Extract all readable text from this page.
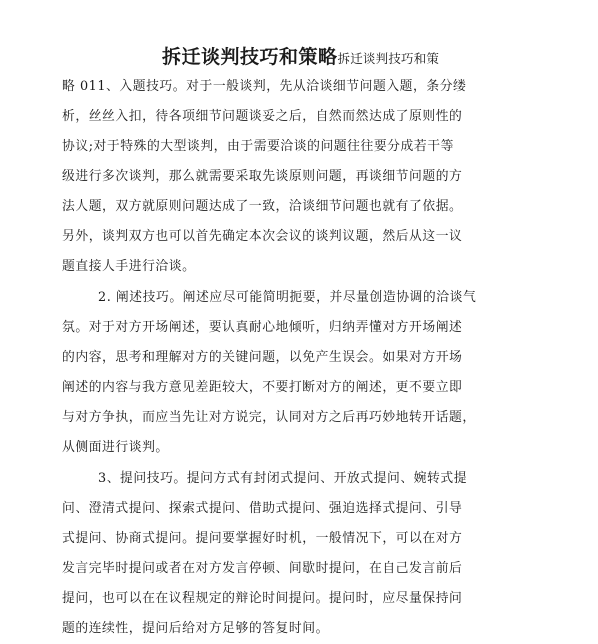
拆迁谈判技巧和策略拆迁谈判技巧和策
略 011、入题技巧。对于一般谈判，先从洽谈细节问题入题，条分缕
析，丝丝入扣，待各项细节问题谈妥之后，自然而然达成了原则性的
协议;对于特殊的大型谈判，由于需要洽谈的问题往往要分成若干等
级进行多次谈判，那么就需要采取先谈原则问题，再谈细节问题的方
法人题，双方就原则问题达成了一致，洽谈细节问题也就有了依据。
另外，谈判双方也可以首先确定本次会议的谈判议题，然后从这一议
题直接人手进行洽谈。
2. 阐述技巧。阐述应尽可能简明扼要，并尽量创造协调的洽谈气
氛。对于对方开场阐述，要认真耐心地倾听，归纳弄懂对方开场阐述
的内容，思考和理解对方的关键问题，以免产生误会。如果对方开场
阐述的内容与我方意见差距较大，不要打断对方的阐述，更不要立即
与对方争执，而应当先让对方说完，认同对方之后再巧妙地转开话题，
从侧面进行谈判。
3、提问技巧。提问方式有封闭式提问、开放式提问、婉转式提
问、澄清式提问、探索式提问、借助式提问、强迫选择式提问、引导
式提问、协商式提问。提问要掌握好时机，一般情况下，可以在对方
发言完毕时提问或者在对方发言停顿、间歇时提问，在自己发言前后
提问，也可以在在议程规定的辩论时间提问。提问时，应尽量保持问
题的连续性，提问后给对方足够的答复时间。
